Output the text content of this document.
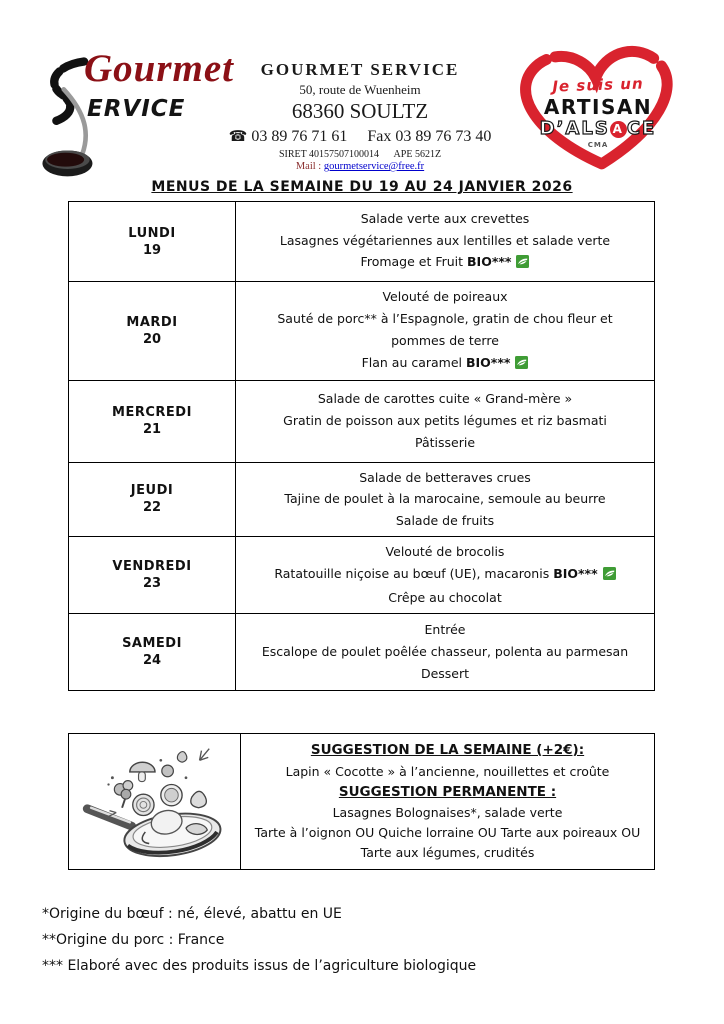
Gourmet
ERVICE
GOURMET SERVICE
50, route de Wuenheim
68360 SOULTZ
☎ 03 89 76 71 61 Fax 03 89 76 73 40
SIRET 40157507100014 APE 5621Z
Mail : gourmetservice@free.fr
Je suis un
ARTISAN
D’ALS A CE
CMA
MENUS DE LA SEMAINE DU 19 AU 24 JANVIER 2026
LUNDI
19

Salade verte aux crevettes
Lasagnes végétariennes aux lentilles et salade verte
Fromage et Fruit BIO***

MARDI
20

Velouté de poireaux
Sauté de porc** à l’Espagnole, gratin de chou fleur et pommes de terre
Flan au caramel BIO***

MERCREDI
21

Salade de carottes cuite « Grand-mère »
Gratin de poisson aux petits légumes et riz basmati
Pâtisserie

JEUDI
22

Salade de betteraves crues
Tajine de poulet à la marocaine, semoule au beurre
Salade de fruits

VENDREDI
23

Velouté de brocolis
Ratatouille niçoise au bœuf (UE), macaronis BIO***
Crêpe au chocolat

SAMEDI
24

Entrée
Escalope de poulet poêlée chasseur, polenta au parmesan
Dessert

SUGGESTION DE LA SEMAINE (+2€):
Lapin « Cocotte » à l’ancienne, nouillettes et croûte
SUGGESTION PERMANENTE :
Lasagnes Bolognaises*, salade verte
Tarte à l’oignon OU Quiche lorraine OU Tarte aux poireaux OU Tarte aux légumes, crudités
*Origine du bœuf : né, élevé, abattu en UE
**Origine du porc : France
*** Elaboré avec des produits issus de l’agriculture biologique
